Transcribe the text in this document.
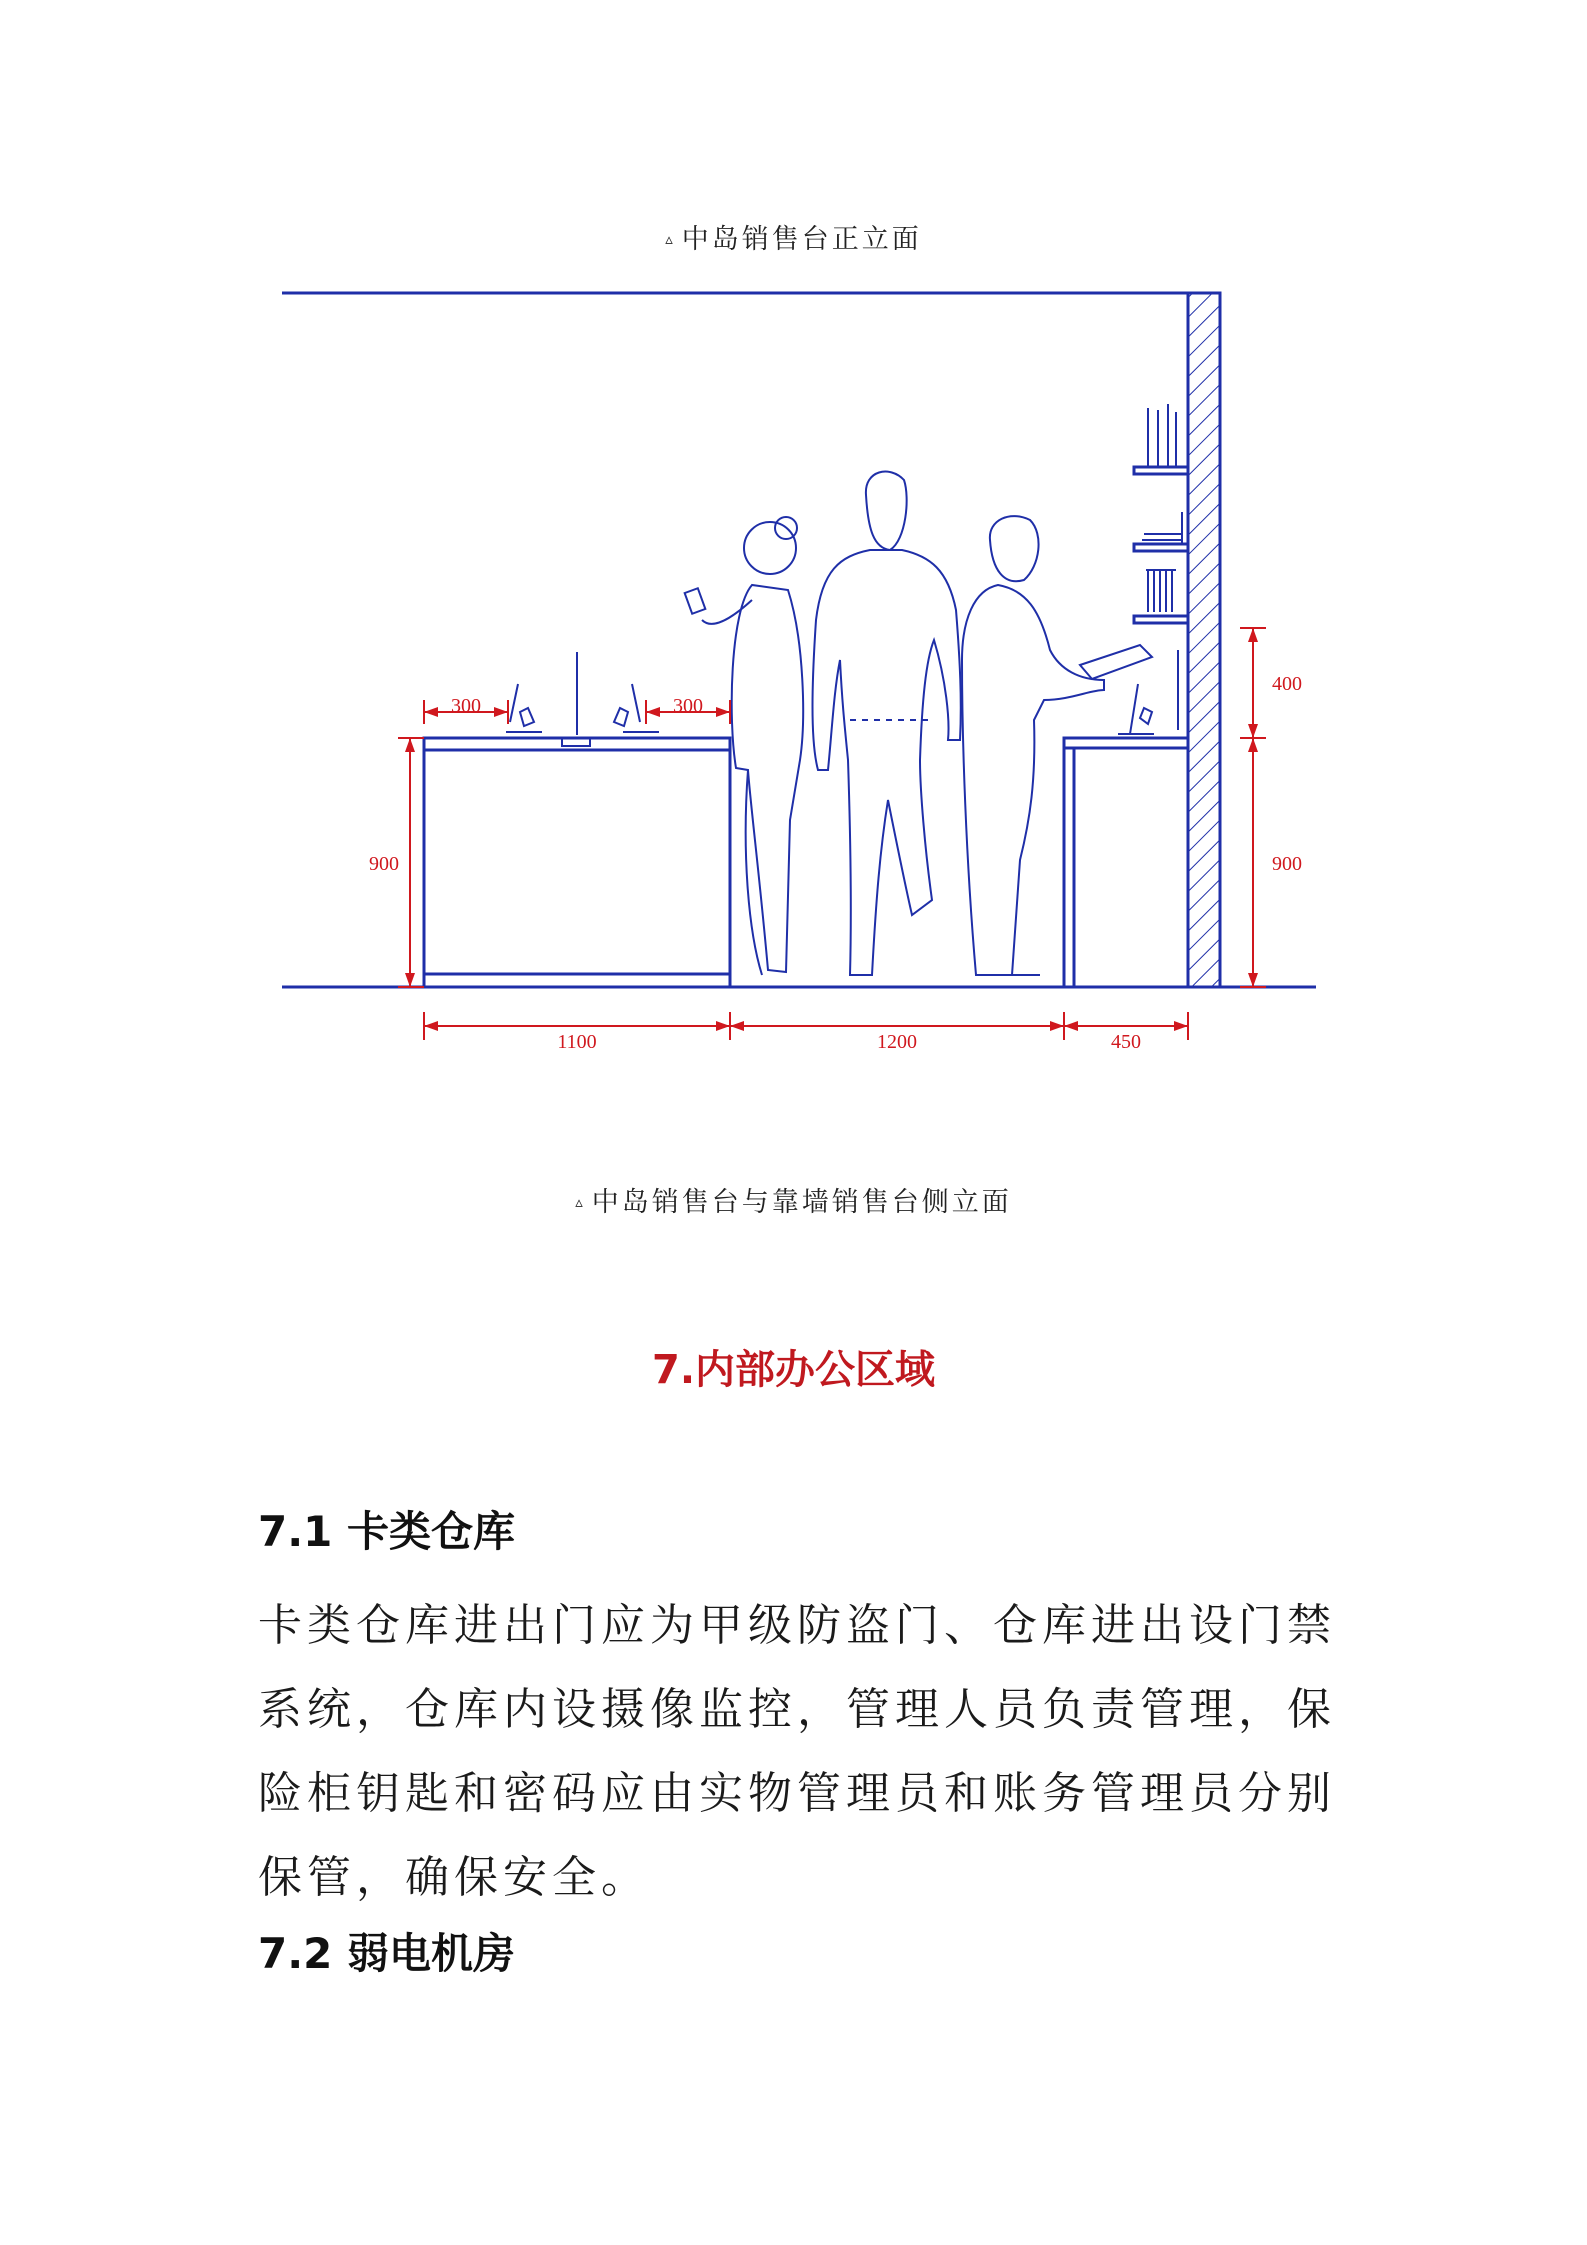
▵ 中岛销售台正立面
300	300
900	900
400
1100	1200	450
▵ 中岛销售台与靠墙销售台侧立面
7.内部办公区域
7.1 卡类仓库
卡类仓库进出门应为甲级防盗门、仓库进出设门禁
系统，仓库内设摄像监控，管理人员负责管理，保
险柜钥匙和密码应由实物管理员和账务管理员分别
保管，确保安全。
7.2 弱电机房
